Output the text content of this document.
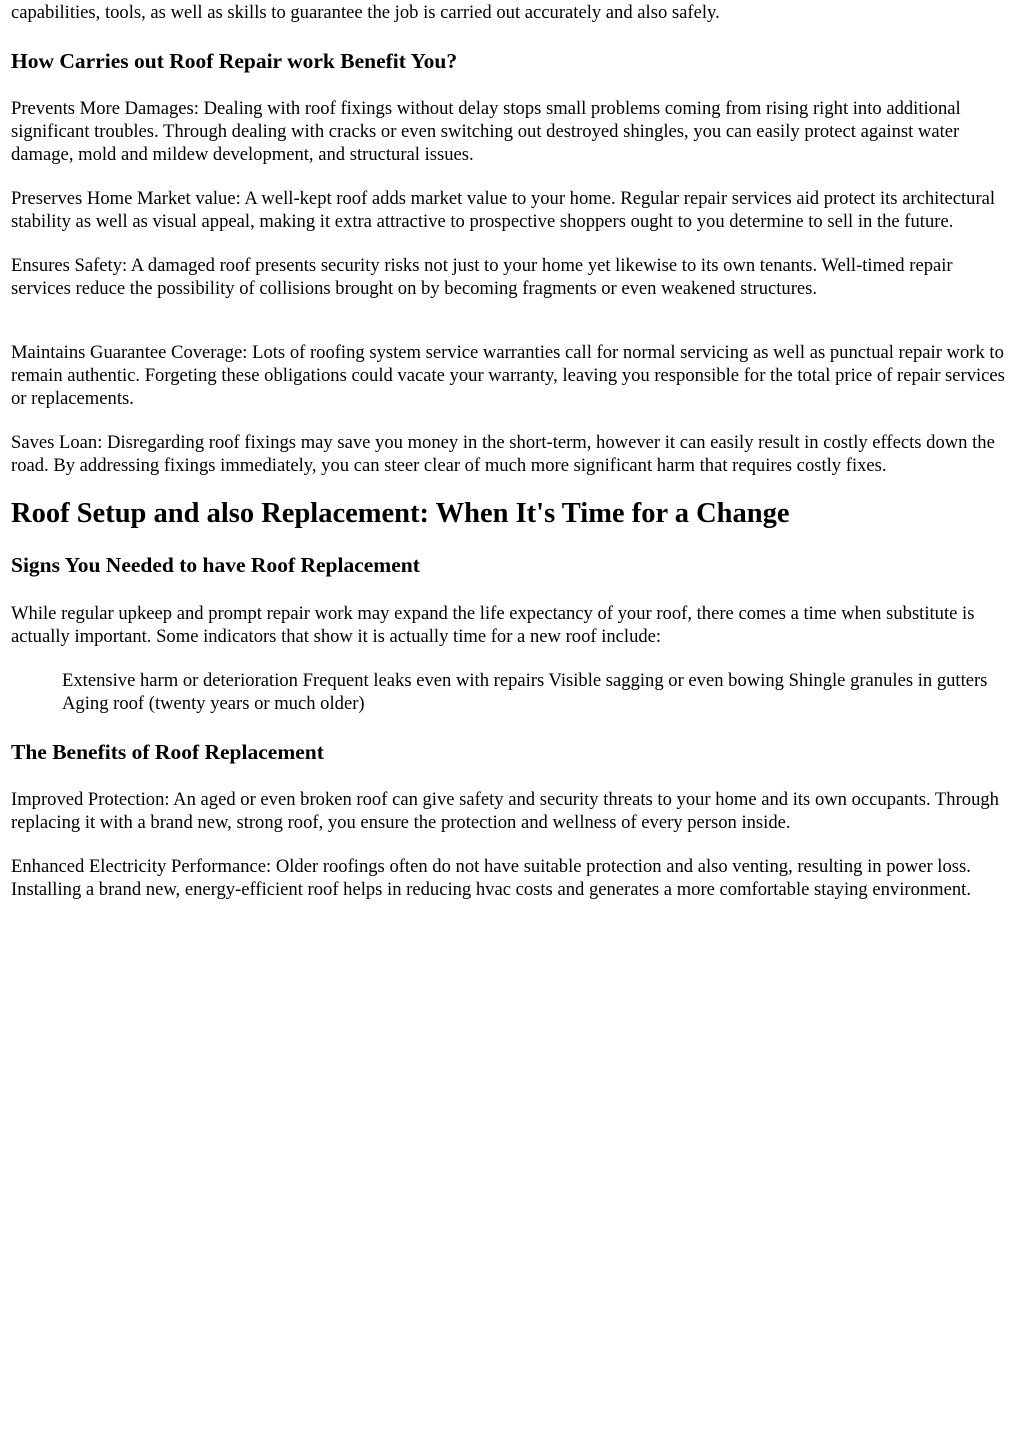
capabilities, tools, as well as skills to guarantee the job is carried out accurately and also safely.

How Carries out Roof Repair work Benefit You?

Prevents More Damages: Dealing with roof fixings without delay stops small problems coming from rising right into additional significant troubles. Through dealing with cracks or even switching out destroyed shingles, you can easily protect against water damage, mold and mildew development, and structural issues.

Preserves Home Market value: A well-kept roof adds market value to your home. Regular repair services aid protect its architectural stability as well as visual appeal, making it extra attractive to prospective shoppers ought to you determine to sell in the future.

Ensures Safety: A damaged roof presents security risks not just to your home yet likewise to its own tenants. Well-timed repair services reduce the possibility of collisions brought on by becoming fragments or even weakened structures.

Maintains Guarantee Coverage: Lots of roofing system service warranties call for normal servicing as well as punctual repair work to remain authentic. Forgeting these obligations could vacate your warranty, leaving you responsible for the total price of repair services or replacements.

Saves Loan: Disregarding roof fixings may save you money in the short-term, however it can easily result in costly effects down the road. By addressing fixings immediately, you can steer clear of much more significant harm that requires costly fixes.

Roof Setup and also Replacement: When It's Time for a Change
Signs You Needed to have Roof Replacement

While regular upkeep and prompt repair work may expand the life expectancy of your roof, there comes a time when substitute is actually important. Some indicators that show it is actually time for a new roof include:

Extensive harm or deterioration Frequent leaks even with repairs Visible sagging or even bowing Shingle granules in gutters Aging roof (twenty years or much older)
The Benefits of Roof Replacement

Improved Protection: An aged or even broken roof can give safety and security threats to your home and its own occupants. Through replacing it with a brand new, strong roof, you ensure the protection and wellness of every person inside.

Enhanced Electricity Performance: Older roofings often do not have suitable protection and also venting, resulting in power loss. Installing a brand new, energy-efficient roof helps in reducing hvac costs and generates a more comfortable staying environment.
